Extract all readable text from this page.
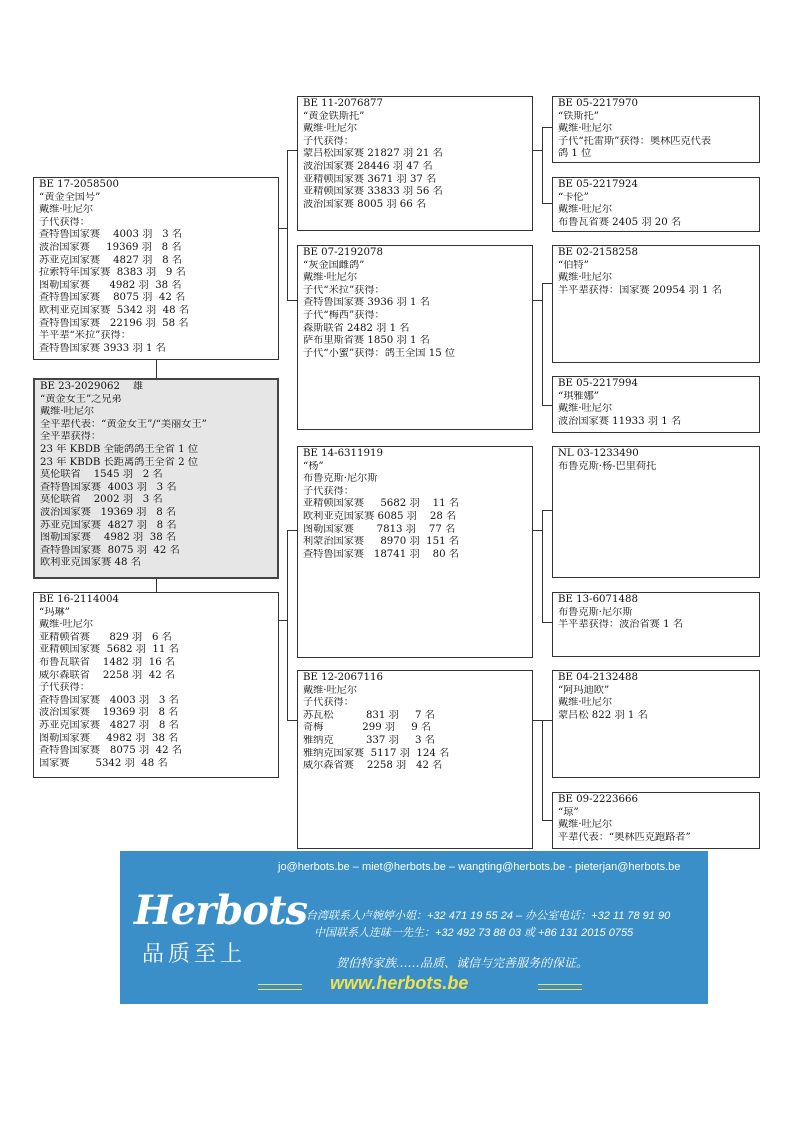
BE 17-2058500
“黄金全国号”
戴维·吐尼尔
子代获得：
查特鲁国家赛    4003 羽   3 名
波治国家赛     19369 羽   8 名
苏亚克国家赛    4827 羽   8 名
拉索特年国家赛  8383 羽   9 名
图勒国家赛      4982 羽  38 名
查特鲁国家赛    8075 羽  42 名
欧利亚克国家赛  5342 羽  48 名
查特鲁国家赛   22196 羽  58 名
半平辈“米拉”获得：
查特鲁国家赛 3933 羽 1 名
BE 23-2029062    雄
“黄金女王”之兄弟
戴维·吐尼尔
全平辈代表：“黄金女王”/“美丽女王”
全平辈获得：
23 年 KBDB 全能鸽鸽王全省 1 位
23 年 KBDB 长距离鸽王全省 2 位
莫伦联省    1545 羽   2 名
查特鲁国家赛  4003 羽   3 名
莫伦联省    2002 羽   3 名
波治国家赛   19369 羽   8 名
苏亚克国家赛  4827 羽   8 名
图勒国家赛    4982 羽  38 名
查特鲁国家赛  8075 羽  42 名
欧利亚克国家赛 48 名
BE 16-2114004
“玛琳”
戴维·吐尼尔
亚精顿省赛      829 羽   6 名
亚精顿国家赛  5682 羽  11 名
布鲁瓦联省    1482 羽  16 名
威尔森联省    2258 羽  42 名
子代获得：
查特鲁国家赛   4003 羽   3 名
波治国家赛    19369 羽   8 名
苏亚克国家赛   4827 羽   8 名
图勒国家赛     4982 羽  38 名
查特鲁国家赛   8075 羽  42 名
国家赛        5342 羽  48 名
BE 11-2076877
“黄金铁斯托”
戴维·吐尼尔
子代获得：
蒙吕松国家赛 21827 羽 21 名
波治国家赛 28446 羽 47 名
亚精顿国家赛 3671 羽 37 名
亚精顿国家赛 33833 羽 56 名
波治国家赛 8005 羽 66 名
BE 07-2192078
“灰金国雌鸽”
戴维·吐尼尔
子代“米拉”获得：
查特鲁国家赛 3936 羽 1 名
子代“梅西”获得：
森斯联省 2482 羽 1 名
萨布里斯省赛 1850 羽 1 名
子代“小蜜”获得：鸽王全国 15 位
BE 14-6311919
“杨”
布鲁克斯·尼尔斯
子代获得：
亚精顿国家赛     5682 羽    11 名
欧利亚克国家赛 6085 羽    28 名
图勒国家赛       7813 羽    77 名
利蒙治国家赛     8970 羽  151 名
查特鲁国家赛   18741 羽    80 名
BE 12-2067116
戴维·吐尼尔
子代获得：
苏瓦松          831 羽     7 名
奇梅            299 羽     9 名
雅纳克          337 羽     3 名
雅纳克国家赛  5117 羽  124 名
威尔森省赛    2258 羽   42 名
BE 05-2217970
“铁斯托”
戴维·吐尼尔
子代“托雷斯”获得：奥林匹克代表
鸽 1 位
BE 05-2217924
“卡伦”
戴维·吐尼尔
布鲁瓦省赛 2405 羽 20 名
BE 02-2158258
“伯特”
戴维·吐尼尔
半平辈获得：国家赛 20954 羽 1 名
BE 05-2217994
“琪雅娜”
戴维·吐尼尔
波治国家赛 11933 羽 1 名
NL 03-1233490
布鲁克斯·杨-巴里荷托
BE 13-6071488
布鲁克斯·尼尔斯
半平辈获得：波治省赛 1 名
BE 04-2132488
“阿玛迪欧”
戴维·吐尼尔
蒙吕松 822 羽 1 名
BE 09-2223666
“琼”
戴维·吐尼尔
平辈代表：“奥林匹克跑路者”
Herbots
品质至上
jo@herbots.be – miet@herbots.be – wangting@herbots.be - pieterjan@herbots.be
台湾联系人卢婉婷小姐：+32 471 19 55 24 – 办公室电话：+32 11 78 91 90
中国联系人连昧一先生：+32 492 73 88 03 或 +86 131 2015 0755
贺伯特家族……品质、诚信与完善服务的保证。
www.herbots.be
